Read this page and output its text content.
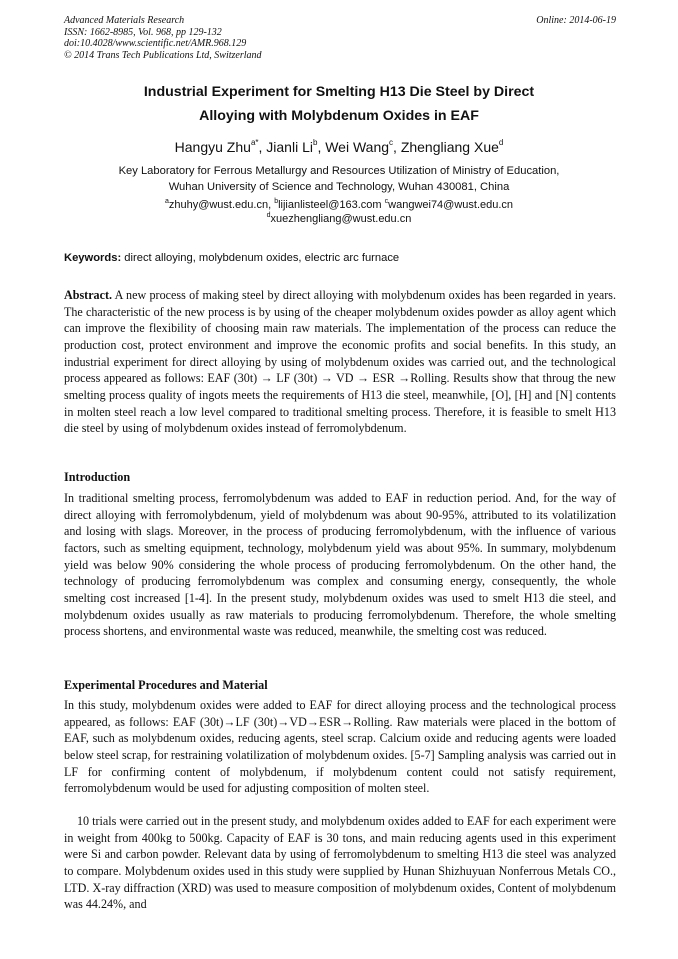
Advanced Materials Research
ISSN: 1662-8985, Vol. 968, pp 129-132
doi:10.4028/www.scientific.net/AMR.968.129
© 2014 Trans Tech Publications Ltd, Switzerland
Online: 2014-06-19
Industrial Experiment for Smelting H13 Die Steel by Direct
Alloying with Molybdenum Oxides in EAF
Hangyu Zhu$^{a*}$, Jianli Li$^b$, Wei Wang$^c$, Zhengliang Xue$^d$
Key Laboratory for Ferrous Metallurgy and Resources Utilization of Ministry of Education,
Wuhan University of Science and Technology, Wuhan 430081, China
$^a$zhuhy@wust.edu.cn, $^b$lijianlisteel@163.com $^c$wangwei74@wust.edu.cn
$^d$xuezhengliang@wust.edu.cn
Keywords: direct alloying, molybdenum oxides, electric arc furnace
Abstract. A new process of making steel by direct alloying with molybdenum oxides has been regarded in years. The characteristic of the new process is by using of the cheaper molybdenum oxides powder as alloy agent which can improve the flexibility of choosing main raw materials. The implementation of the process can reduce the production cost, protect environment and improve the economic profits and social benefits. In this study, an industrial experiment for direct alloying by using of molybdenum oxides was carried out, and the technological process appeared as follows: EAF (30t) → LF (30t) → VD → ESR →Rolling. Results show that throug the new smelting process quality of ingots meets the requirements of H13 die steel, meanwhile, [O], [H] and [N] contents in molten steel reach a low level compared to traditional smelting process. Therefore, it is feasible to smelt H13 die steel by using of molybdenum oxides instead of ferromolybdenum.
Introduction
In traditional smelting process, ferromolybdenum was added to EAF in reduction period. And, for the way of direct alloying with ferromolybdenum, yield of molybdenum was about 90-95%, attributed to its volatilization and losing with slags. Moreover, in the process of producing ferromolybdenum, with the influence of various factors, such as smelting equipment, technology, molybdenum yield was about 95%. In summary, molybdenum yield was below 90% considering the whole process of producing ferromolybdenum. On the other hand, the technology of producing ferromolybdenum was complex and consuming energy, consequently, the whole smelting cost increased [1-4]. In the present study, molybdenum oxides was used to smelt H13 die steel, and molybdenum oxides usually as raw materials to producing ferromolybdenum. Therefore, the whole smelting process shortens, and environmental waste was reduced, meanwhile, the smelting cost was reduced.
Experimental Procedures and Material
In this study, molybdenum oxides were added to EAF for direct alloying process and the technological process appeared, as follows: EAF (30t)→LF (30t)→VD→ESR→Rolling. Raw materials were placed in the bottom of EAF, such as molybdenum oxides, reducing agents, steel scrap. Calcium oxide and reducing agents were loaded below steel scrap, for restraining volatilization of molybdenum oxides. [5-7] Sampling analysis was carried out in LF for confirming content of molybdenum, if molybdenum content could not satisfy requirement, ferromolybdenum would be used for adjusting composition of molten steel.
10 trials were carried out in the present study, and molybdenum oxides added to EAF for each experiment were in weight from 400kg to 500kg. Capacity of EAF is 30 tons, and main reducing agents used in this experiment were Si and carbon powder. Relevant data by using of ferromolybdenum to smelting H13 die steel was analyzed to compare. Molybdenum oxides used in this study were supplied by Hunan Shizhuyuan Nonferrous Metals CO., LTD. X-ray diffraction (XRD) was used to measure composition of molybdenum oxides, Content of molybdenum was 44.24%, and
